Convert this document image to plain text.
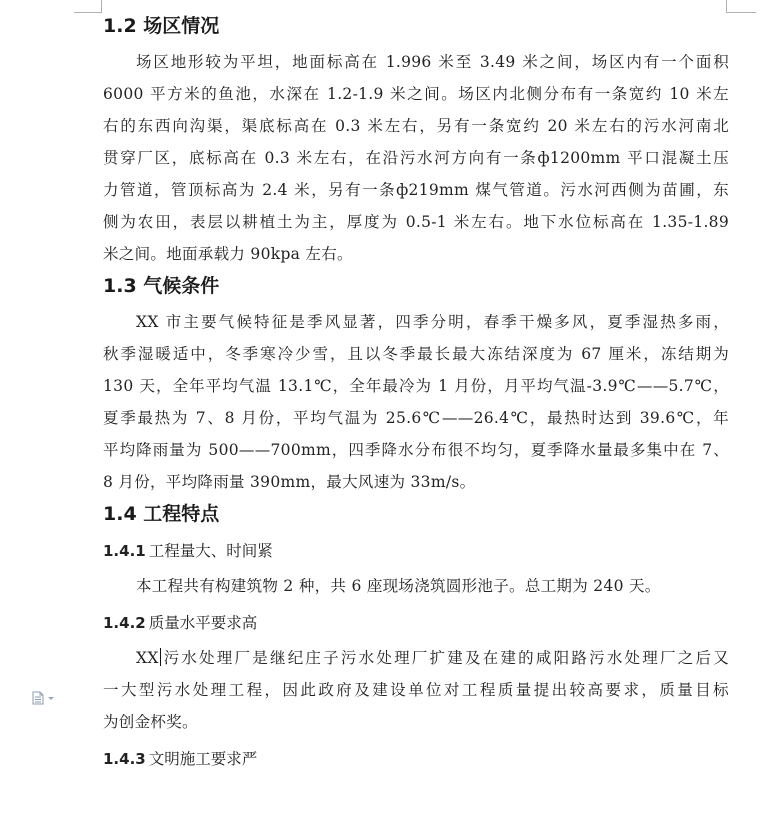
1.2 场区情况
场区地形较为平坦，地面标高在 1.996 米至 3.49 米之间，场区内有一个面积
6000 平方米的鱼池，水深在 1.2-1.9 米之间。场区内北侧分布有一条宽约 10 米左
右的东西向沟渠，渠底标高在 0.3 米左右，另有一条宽约 20 米左右的污水河南北
贯穿厂区，底标高在 0.3 米左右，在沿污水河方向有一条ф1200mm 平口混凝土压
力管道，管顶标高为 2.4 米，另有一条ф219mm 煤气管道。污水河西侧为苗圃，东
侧为农田，表层以耕植土为主，厚度为 0.5-1 米左右。地下水位标高在 1.35-1.89
米之间。地面承载力 90kpa 左右。
1.3 气候条件
XX 市主要气候特征是季风显著，四季分明，春季干燥多风，夏季湿热多雨，
秋季湿暖适中，冬季寒冷少雪，且以冬季最长最大冻结深度为 67 厘米，冻结期为
130 天，全年平均气温 13.1℃，全年最冷为 1 月份，月平均气温-3.9℃——5.7℃，
夏季最热为 7、8 月份，平均气温为 25.6℃——26.4℃，最热时达到 39.6℃，年
平均降雨量为 500——700mm，四季降水分布很不均匀，夏季降水量最多集中在 7、
8 月份，平均降雨量 390mm，最大风速为 33m/s。
1.4 工程特点
1.4.1 工程量大、时间紧
本工程共有构建筑物 2 种，共 6 座现场浇筑圆形池子。总工期为 240 天。
1.4.2 质量水平要求高
XX 污水处理厂是继纪庄子污水处理厂扩建及在建的咸阳路污水处理厂之后又
一大型污水处理工程，因此政府及建设单位对工程质量提出较高要求，质量目标
为创金杯奖。
1.4.3 文明施工要求严
